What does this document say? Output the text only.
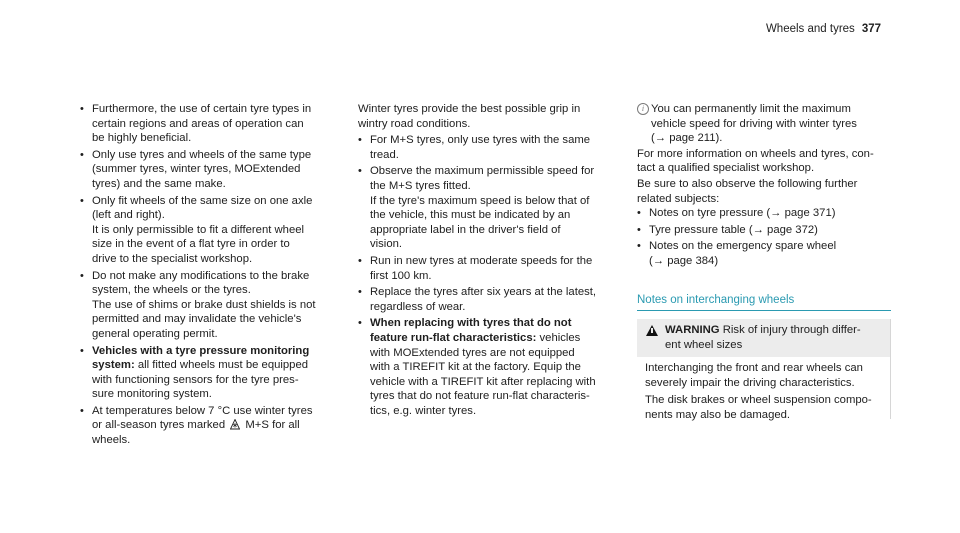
Wheels and tyres 377
• Furthermore, the use of certain tyre types in
certain regions and areas of operation can
be highly beneficial.
• Only use tyres and wheels of the same type
(summer tyres, winter tyres, MOExtended
tyres) and the same make.
• Only fit wheels of the same size on one axle
(left and right).
It is only permissible to fit a different wheel
size in the event of a flat tyre in order to
drive to the specialist workshop.
• Do not make any modifications to the brake
system, the wheels or the tyres.
The use of shims or brake dust shields is not
permitted and may invalidate the vehicle's
general operating permit.
• Vehicles with a tyre pressure monitoring
system: all fitted wheels must be equipped
with functioning sensors for the tyre pres-
sure monitoring system.
• At temperatures below 7 °C use winter tyres
or all-season tyres marked M+S for all
wheels.
Winter tyres provide the best possible grip in
wintry road conditions.
• For M+S tyres, only use tyres with the same
tread.
• Observe the maximum permissible speed for
the M+S tyres fitted.
If the tyre's maximum speed is below that of
the vehicle, this must be indicated by an
appropriate label in the driver's field of
vision.
• Run in new tyres at moderate speeds for the
first 100 km.
• Replace the tyres after six years at the latest,
regardless of wear.
• When replacing with tyres that do not
feature run-flat characteristics: vehicles
with MOExtended tyres are not equipped
with a TIREFIT kit at the factory. Equip the
vehicle with a TIREFIT kit after replacing with
tyres that do not feature run-flat characteris-
tics, e.g. winter tyres.
i You can permanently limit the maximum
vehicle speed for driving with winter tyres
(→ page 211).
For more information on wheels and tyres, con-
tact a qualified specialist workshop.
Be sure to also observe the following further
related subjects:
• Notes on tyre pressure (→ page 371)
• Tyre pressure table (→ page 372)
• Notes on the emergency spare wheel
(→ page 384)
Notes on interchanging wheels
WARNING Risk of injury through differ-
ent wheel sizes

Interchanging the front and rear wheels can
severely impair the driving characteristics.

The disk brakes or wheel suspension compo-
nents may also be damaged.
